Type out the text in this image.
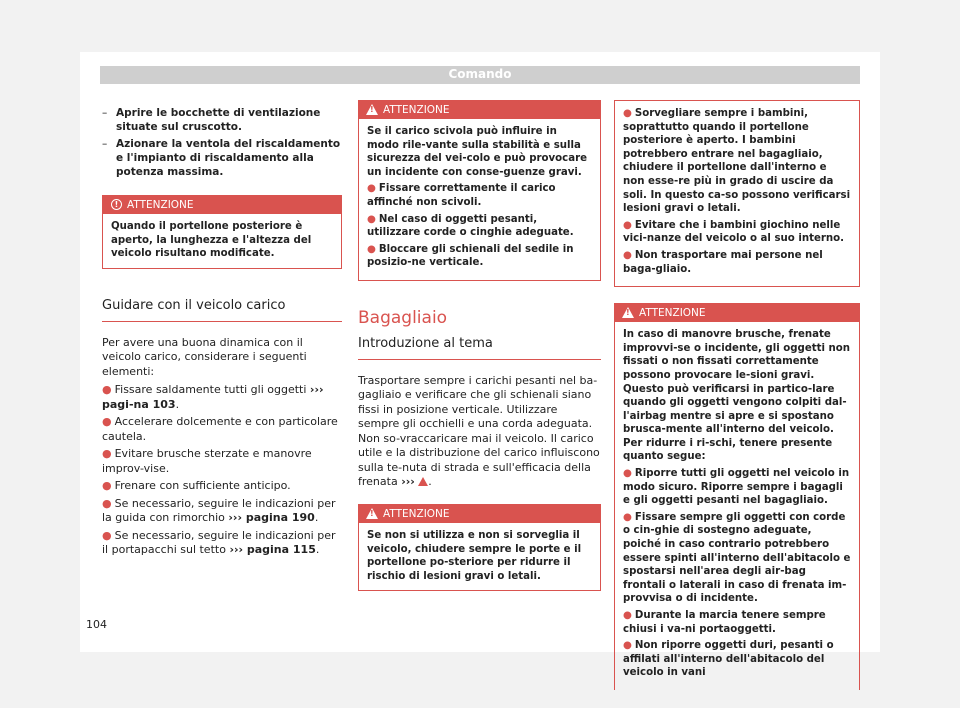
Comando
– Aprire le bocchette di ventilazione situate sul cruscotto.
– Azionare la ventola del riscaldamento e l'impianto di riscaldamento alla potenza massima.
! ATTENZIONE
Quando il portellone posteriore è aperto, la lunghezza e l'altezza del veicolo risultano modificate.
Guidare con il veicolo carico

Per avere una buona dinamica con il veicolo carico, considerare i seguenti elementi:

● Fissare saldamente tutti gli oggetti ››› pagi-na 103.
● Accelerare dolcemente e con particolare cautela.
● Evitare brusche sterzate e manovre improv-vise.
● Frenare con sufficiente anticipo.
● Se necessario, seguire le indicazioni per la guida con rimorchio ››› pagina 190.
● Se necessario, seguire le indicazioni per il portapacchi sul tetto ››› pagina 115.
! ATTENZIONE

Se il carico scivola può influire in modo rile-vante sulla stabilità e sulla sicurezza del vei-colo e può provocare un incidente con conse-guenze gravi.

● Fissare correttamente il carico affinché non scivoli.
● Nel caso di oggetti pesanti, utilizzare corde o cinghie adeguate.
● Bloccare gli schienali del sedile in posizio-ne verticale.
Bagagliaio
Introduzione al tema

Trasportare sempre i carichi pesanti nel ba-gagliaio e verificare che gli schienali siano fissi in posizione verticale. Utilizzare sempre gli occhielli e una corda adeguata. Non so-vraccaricare mai il veicolo. Il carico utile e la distribuzione del carico influiscono sulla te-nuta di strada e sull'efficacia della frenata ››› .

! ATTENZIONE
Se non si utilizza e non si sorveglia il veicolo, chiudere sempre le porte e il portellone po-steriore per ridurre il rischio di lesioni gravi o letali.
● Sorvegliare sempre i bambini, soprattutto quando il portellone posteriore è aperto. I bambini potrebbero entrare nel bagagliaio, chiudere il portellone dall'interno e non esse-re più in grado di uscire da soli. In questo ca-so possono verificarsi lesioni gravi o letali.
● Evitare che i bambini giochino nelle vici-nanze del veicolo o al suo interno.
● Non trasportare mai persone nel baga-gliaio.
! ATTENZIONE

In caso di manovre brusche, frenate improvvi-se o incidente, gli oggetti non fissati o non fissati correttamente possono provocare le-sioni gravi. Questo può verificarsi in partico-lare quando gli oggetti vengono colpiti dal-l'airbag mentre si apre e si spostano brusca-mente all'interno del veicolo. Per ridurre i ri-schi, tenere presente quanto segue:

● Riporre tutti gli oggetti nel veicolo in modo sicuro. Riporre sempre i bagagli e gli oggetti pesanti nel bagagliaio.
● Fissare sempre gli oggetti con corde o cin-ghie di sostegno adeguate, poiché in caso contrario potrebbero essere spinti all'interno dell'abitacolo e spostarsi nell'area degli air-bag frontali o laterali in caso di frenata im-provvisa o di incidente.
● Durante la marcia tenere sempre chiusi i va-ni portaoggetti.
● Non riporre oggetti duri, pesanti o affilati all'interno dell'abitacolo del veicolo in vani
104
